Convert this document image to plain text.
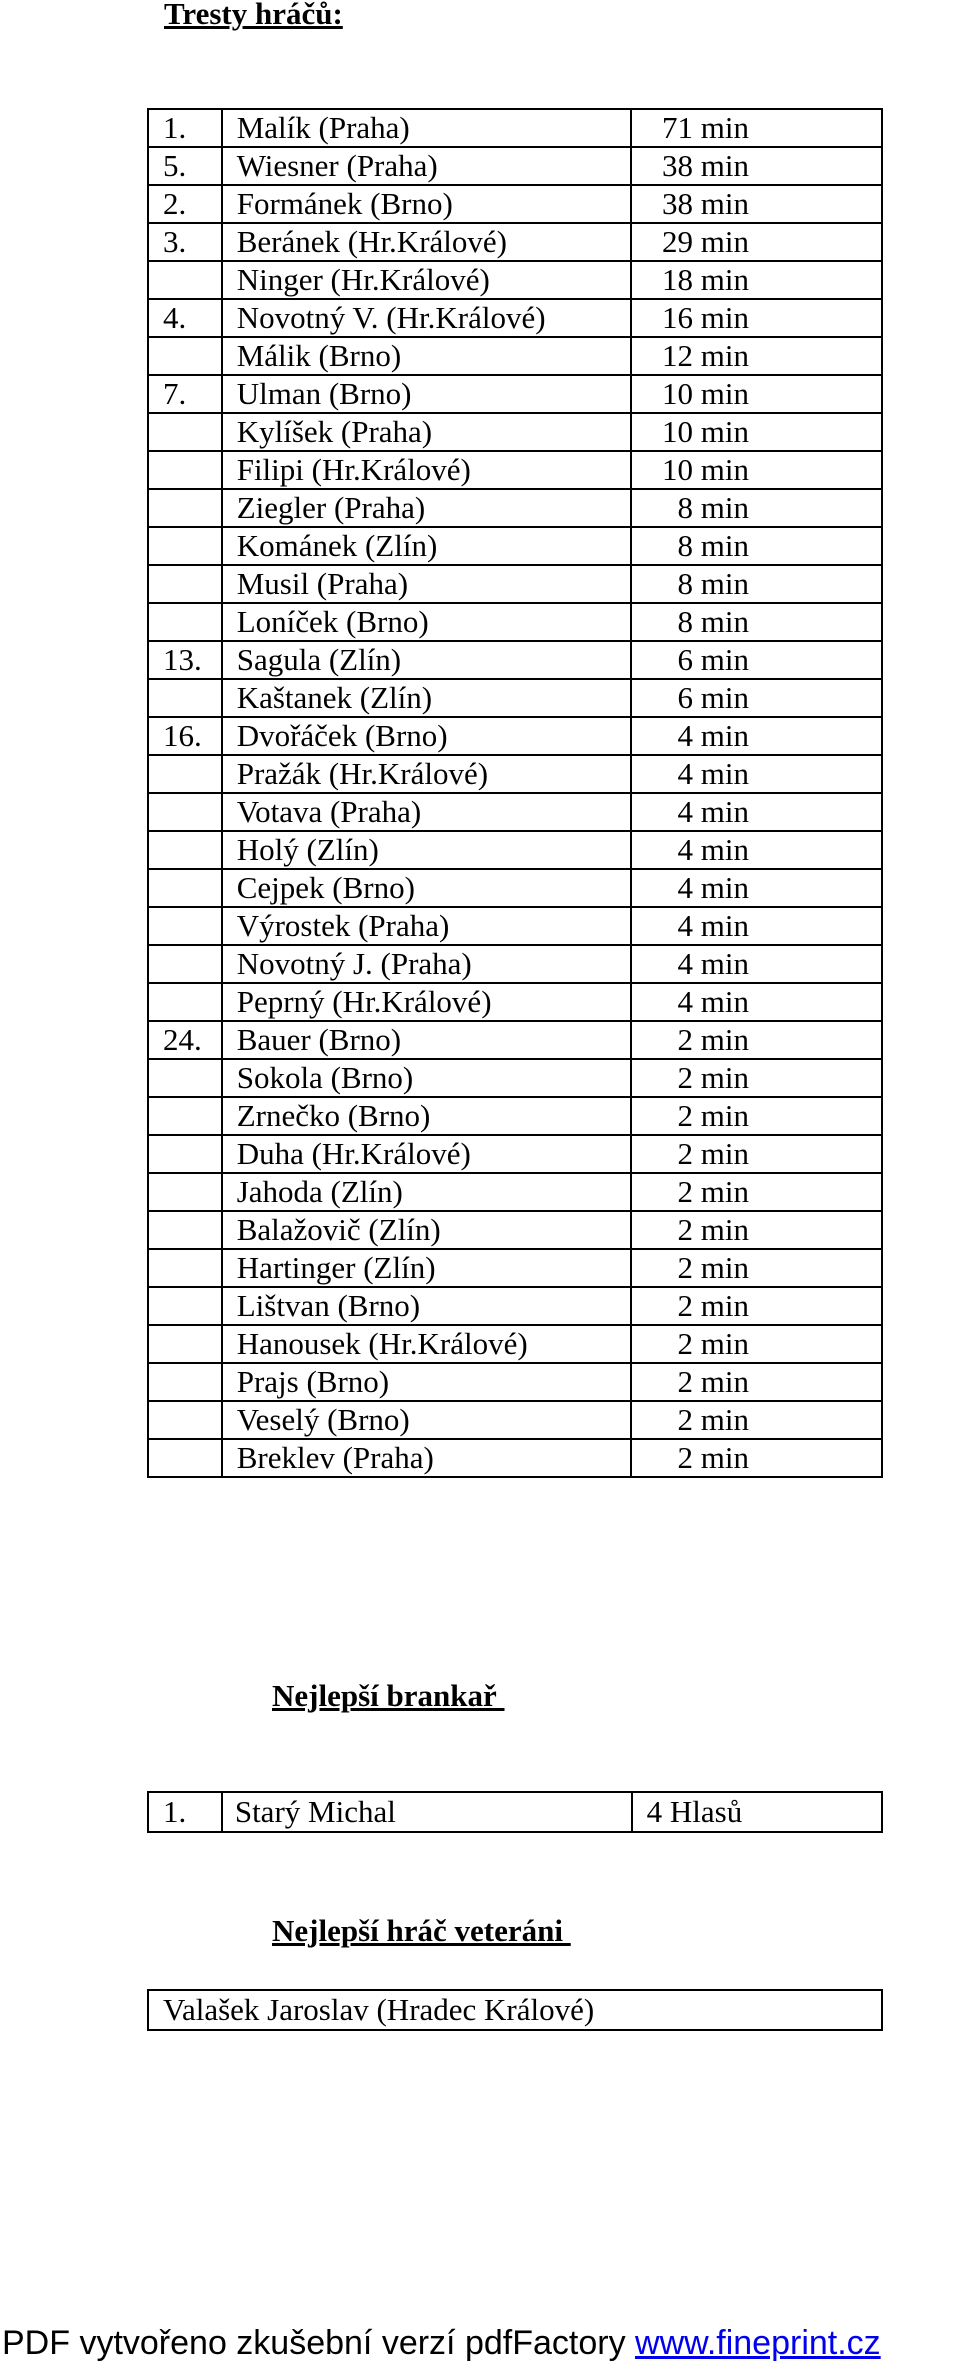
Tresty hráčů:
1.	Malík (Praha)	71 min
5.	Wiesner (Praha)	38 min
2.	Formánek (Brno)	38 min
3.	Beránek (Hr.Králové)	29 min
	Ninger (Hr.Králové)	18 min
4.	Novotný V. (Hr.Králové)	16 min
	Málik (Brno)	12 min
7.	Ulman (Brno)	10 min
	Kylíšek (Praha)	10 min
	Filipi (Hr.Králové)	10 min
	Ziegler (Praha)	8 min
	Kománek (Zlín)	8 min
	Musil (Praha)	8 min
	Loníček (Brno)	8 min
13.	Sagula (Zlín)	6 min
	Kaštanek (Zlín)	6 min
16.	Dvořáček (Brno)	4 min
	Pražák (Hr.Králové)	4 min
	Votava (Praha)	4 min
	Holý (Zlín)	4 min
	Cejpek (Brno)	4 min
	Výrostek (Praha)	4 min
	Novotný J. (Praha)	4 min
	Peprný (Hr.Králové)	4 min
24.	Bauer (Brno)	2 min
	Sokola (Brno)	2 min
	Zrnečko (Brno)	2 min
	Duha (Hr.Králové)	2 min
	Jahoda (Zlín)	2 min
	Balažovič (Zlín)	2 min
	Hartinger (Zlín)	2 min
	Lištvan (Brno)	2 min
	Hanousek (Hr.Králové)	2 min
	Prajs (Brno)	2 min
	Veselý (Brno)	2 min
	Breklev (Praha)	2 min
Nejlepší brankař
1.	Starý Michal	4 Hlasů
Nejlepší hráč veteráni
Valašek Jaroslav (Hradec Králové)
PDF vytvořeno zkušební verzí pdfFactory www.fineprint.cz
